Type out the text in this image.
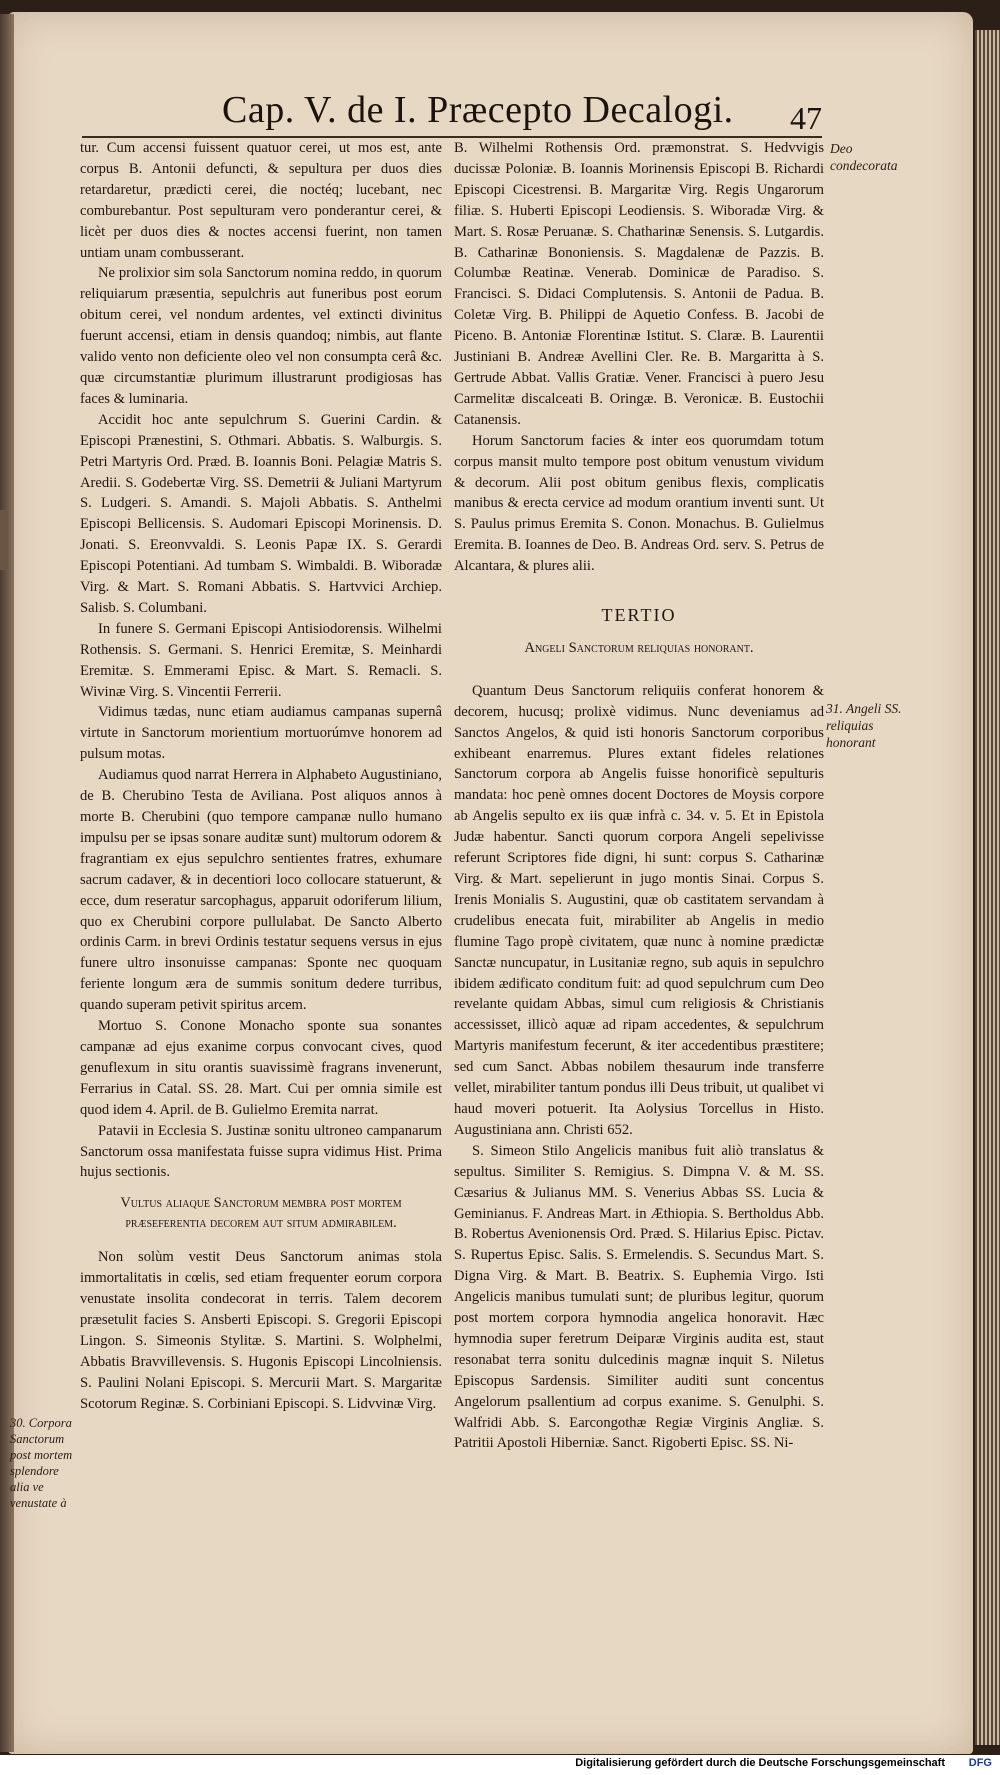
Cap. V. de I. Præcepto Decalogi. 47

tur. Cum accensi fuissent quatuor cerei, ut mos est, ante corpus B. Antonii defuncti, & sepultura per duos dies retardaretur, prædicti cerei, die noctéq; lucebant, nec comburebantur. Post sepulturam vero ponderantur cerei, & licèt per duos dies & noctes accensi fuerint, non tamen untiam unam combusserant.

Ne prolixior sim sola Sanctorum nomina reddo, in quorum reliquiarum præsentia, sepulchris aut funeribus post eorum obitum cerei, vel nondum ardentes, vel extincti divinitus fuerunt accensi, etiam in densis quandoq; nimbis, aut flante valido vento non deficiente oleo vel non consumpta cerâ &c. quæ circumstantiæ plurimum illustrarunt prodigiosas has faces & luminaria.

Accidit hoc ante sepulchrum S. Guerini Cardin. & Episcopi Prænestini, S. Othmari. Abbatis. S. Walburgis. S. Petri Martyris Ord. Præd. B. Ioannis Boni. Pelagiæ Matris S. Aredii. S. Godebertæ Virg. SS. Demetrii & Juliani Martyrum S. Ludgeri. S. Amandi. S. Majoli Abbatis. S. Anthelmi Episcopi Bellicensis. S. Audomari Episcopi Morinensis. D. Jonati. S. Ereonvvaldi. S. Leonis Papæ IX. S. Gerardi Episcopi Potentiani. Ad tumbam S. Wimbaldi. B. Wiboradæ Virg. & Mart. S. Romani Abbatis. S. Hartvvici Archiep. Salisb. S. Columbani.

In funere S. Germani Episcopi Antisiodorensis. Wilhelmi Rothensis. S. Germani. S. Henrici Eremitæ, S. Meinhardi Eremitæ. S. Emmerami Episc. & Mart. S. Remacli. S. Wivinæ Virg. S. Vincentii Ferrerii.

Vidimus tædas, nunc etiam audiamus campanas supernâ virtute in Sanctorum morientium mortuorúmve honorem ad pulsum motas.

Audiamus quod narrat Herrera in Alphabeto Augustiniano, de B. Cherubino Testa de Aviliana. Post aliquos annos à morte B. Cherubini (quo tempore campanæ nullo humano impulsu per se ipsas sonare auditæ sunt) multorum odorem & fragrantiam ex ejus sepulchro sentientes fratres, exhumare sacrum cadaver, & in decentiori loco collocare statuerunt, & ecce, dum reseratur sarcophagus, apparuit odoriferum lilium, quo ex Cherubini corpore pullulabat. De Sancto Alberto ordinis Carm. in brevi Ordinis testatur sequens versus in ejus funere ultro insonuisse campanas: Sponte nec quoquam feriente longum æra de summis sonitum dedere turribus, quando superam petivit spiritus arcem.

Mortuo S. Conone Monacho sponte sua sonantes campanæ ad ejus exanime corpus convocant cives, quod genuflexum in situ orantis suavissimè fragrans invenerunt, Ferrarius in Catal. SS. 28. Mart. Cui per omnia simile est quod idem 4. April. de B. Gulielmo Eremita narrat.

Patavii in Ecclesia S. Justinæ sonitu ultroneo campanarum Sanctorum ossa manifestata fuisse supra vidimus Hist. Prima hujus sectionis.

Vultus aliaque Sanctorum membra post mortem præseferentia decorem aut situm admirabilem.

Non solùm vestit Deus Sanctorum animas stola immortalitatis in cœlis, sed etiam frequenter eorum corpora venustate insolita condecorat in terris. Talem decorem præsetulit facies S. Ansberti Episcopi. S. Gregorii Episcopi Lingon. S. Simeonis Stylitæ. S. Martini. S. Wolphelmi, Abbatis Bravvillevensis. S. Hugonis Episcopi Lincolniensis. S. Paulini Nolani Episcopi. S. Mercurii Mart. S. Margaritæ Scotorum Reginæ. S. Corbiniani Episcopi. S. Lidvvinæ Virg.

B. Wilhelmi Rothensis Ord. præmonstrat. S. Hedvvigis ducissæ Poloniæ. B. Ioannis Morinensis Episcopi B. Richardi Episcopi Cicestrensi. B. Margaritæ Virg. Regis Ungarorum filiæ. S. Huberti Episcopi Leodiensis. S. Wiboradæ Virg. & Mart. S. Rosæ Peruanæ. S. Chatharinæ Senensis. S. Lutgardis. B. Catharinæ Bononiensis. S. Magdalenæ de Pazzis. B. Columbæ Reatinæ. Venerab. Dominicæ de Paradiso. S. Francisci. S. Didaci Complutensis. S. Antonii de Padua. B. Coletæ Virg. B. Philippi de Aquetio Confess. B. Jacobi de Piceno. B. Antoniæ Florentinæ Istitut. S. Claræ. B. Laurentii Justiniani B. Andreæ Avellini Cler. Re. B. Margaritta à S. Gertrude Abbat. Vallis Gratiæ. Vener. Francisci à puero Jesu Carmelitæ discalceati B. Oringæ. B. Veronicæ. B. Eustochii Catanensis.

Horum Sanctorum facies & inter eos quorumdam totum corpus mansit multo tempore post obitum venustum vividum & decorum. Alii post obitum genibus flexis, complicatis manibus & erecta cervice ad modum orantium inventi sunt. Ut S. Paulus primus Eremita S. Conon. Monachus. B. Gulielmus Eremita. B. Ioannes de Deo. B. Andreas Ord. serv. S. Petrus de Alcantara, & plures alii.

TERTIO
Angeli Sanctorum reliquias honorant.

Quantum Deus Sanctorum reliquiis conferat honorem & decorem, hucusq; prolixè vidimus. Nunc deveniamus ad Sanctos Angelos, & quid isti honoris Sanctorum corporibus exhibeant enarremus. Plures extant fideles relationes Sanctorum corpora ab Angelis fuisse honorificè sepulturis mandata: hoc penè omnes docent Doctores de Moysis corpore ab Angelis sepulto ex iis quæ infrà c. 34. v. 5. Et in Epistola Judæ habentur. Sancti quorum corpora Angeli sepelivisse referunt Scriptores fide digni, hi sunt: corpus S. Catharinæ Virg. & Mart. sepelierunt in jugo montis Sinai. Corpus S. Irenis Monialis S. Augustini, quæ ob castitatem servandam à crudelibus enecata fuit, mirabiliter ab Angelis in medio flumine Tago propè civitatem, quæ nunc à nomine prædictæ Sanctæ nuncupatur, in Lusitaniæ regno, sub aquis in sepulchro ibidem ædificato conditum fuit: ad quod sepulchrum cum Deo revelante quidam Abbas, simul cum religiosis & Christianis accessisset, illicò aquæ ad ripam accedentes, & sepulchrum Martyris manifestum fecerunt, & iter accedentibus præstitere; sed cum Sanct. Abbas nobilem thesaurum inde transferre vellet, mirabiliter tantum pondus illi Deus tribuit, ut qualibet vi haud moveri potuerit. Ita Aolysius Torcellus in Histo. Augustiniana ann. Christi 652.

S. Simeon Stilo Angelicis manibus fuit aliò translatus & sepultus. Similiter S. Remigius. S. Dimpna V. & M. SS. Cæsarius & Julianus MM. S. Venerius Abbas SS. Lucia & Geminianus. F. Andreas Mart. in Æthiopia. S. Bertholdus Abb. B. Robertus Avenionensis Ord. Præd. S. Hilarius Episc. Pictav. S. Rupertus Episc. Salis. S. Ermelendis. S. Secundus Mart. S. Digna Virg. & Mart. B. Beatrix. S. Euphemia Virgo. Isti Angelicis manibus tumulati sunt; de pluribus legitur, quorum post mortem corpora hymnodia angelica honoravit. Hæc hymnodia super feretrum Deiparæ Virginis audita est, staut resonabat terra sonitu dulcedinis magnæ inquit S. Niletus Episcopus Sardensis. Similiter auditi sunt concentus Angelorum psallentium ad corpus exanime. S. Genulphi. S. Walfridi Abb. S. Earcongothæ Regiæ Virginis Angliæ. S. Patritii Apostoli Hiberniæ. Sanct. Rigoberti Episc. SS. Ni-

Deo condecorata
31. Angeli SS. reliquias honorant
30. Corpora Sanctorum post mortem splendore alia ve venustate à
Digitalisierung gefördert durch die Deutsche Forschungsgemeinschaft DFG
